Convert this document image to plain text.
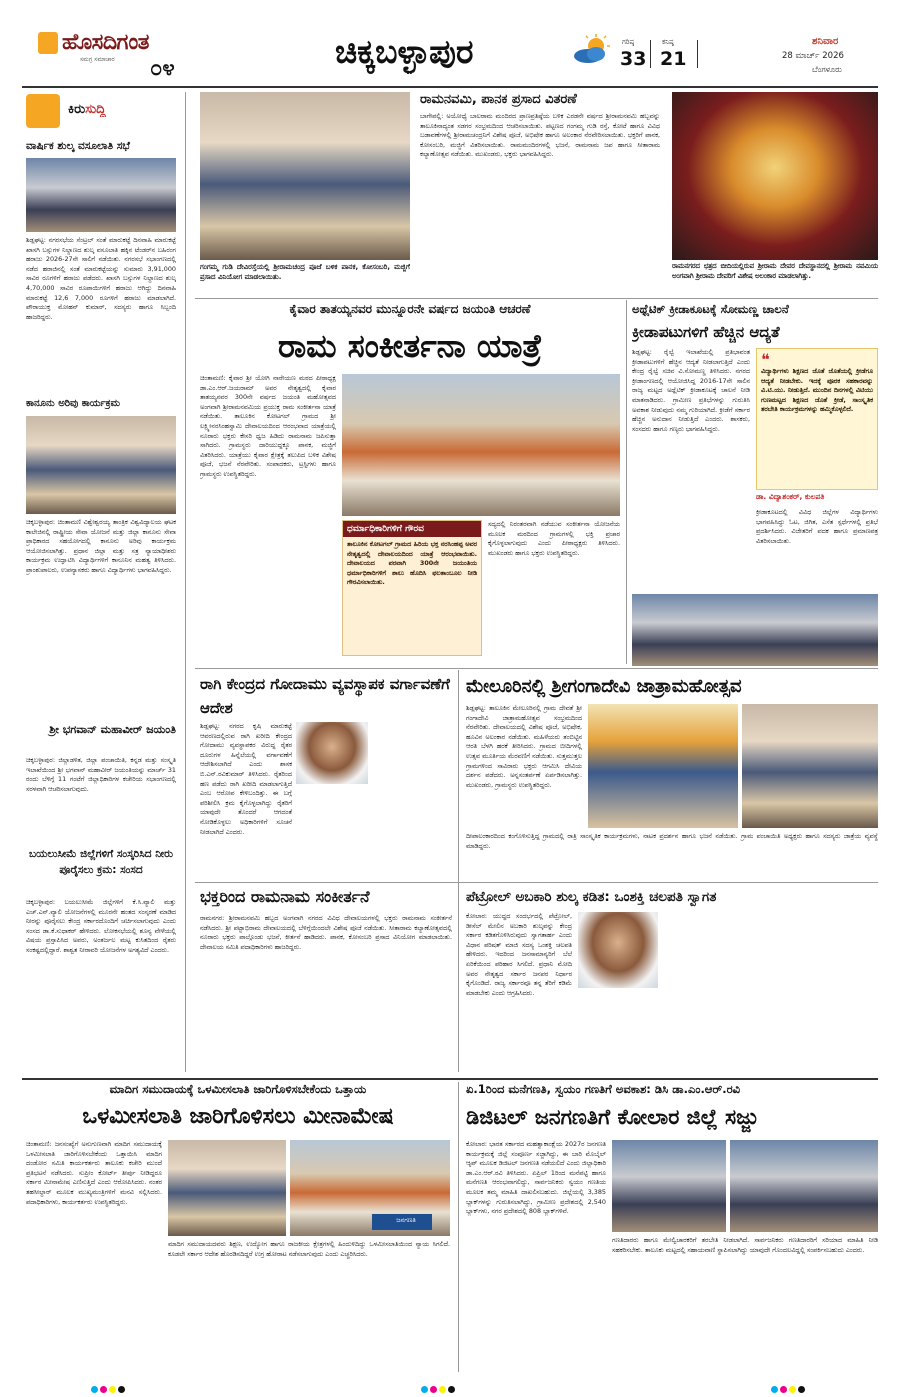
ಹೊಸದಿಗಂತ
ಸಮಗ್ರ ಸಮಾಚಾರ ೦೪	ಚಿಕ್ಕಬಳ್ಳಾಪುರ	ಗರಿಷ್ಠ
33
ಕನಿಷ್ಠ
21
ಶನಿವಾರ
28 ಮಾರ್ಚ್ 2026
ಬೆಂಗಳೂರು
ಕಿರುಸುದ್ದಿ
ವಾರ್ಷಿಕ ಶುಲ್ಕ ವಸೂಲಾತಿ ಸಭೆ
ಶಿಡ್ಲಘಟ್ಟ: ನಗರಸಭೆಯ ಸೆಂಟ್ರಲ್ ಸಂತೆ ಮಾರುಕಟ್ಟೆ ದಿನವಾಹಿ ಮಾರುಕಟ್ಟೆ ಖಾಸಗಿ ಬಸ್ಸುಗಳ ನಿಲ್ದಾಣದ ಶುಲ್ಕ ವಸೂಲಾತಿ ಹಕ್ಕಿನ ಟೆಂಡರ್‌ನ ಬಹಿರಂಗ ಹರಾಜು 2026-27ನೇ ಸಾಲಿಗೆ ನಡೆಯಿತು. ನಗರಸಭೆ ಸಭಾಂಗಣದಲ್ಲಿ ನಡೆದ ಹರಾಜಿನಲ್ಲಿ ಸಂತೆ ಮಾರುಕಟ್ಟೆಯನ್ನು ಸುಮಾರು 3,91,000 ಸಾವಿರ ರೂಗಳಿಗೆ ಹರಾಜು ಪಡೆದರು. ಖಾಸಗಿ ಬಸ್ಸುಗಳ ನಿಲ್ದಾಣದ ಶುಲ್ಕ 4,70,000 ಸಾವಿರ ರೂಪಾಯಿಗಳಿಗೆ ಹರಾಜು ಆಗಿದ್ದು ದಿನವಾಹಿ ಮಾರುಕಟ್ಟೆ 12,6 7,000 ರೂಗಳಿಗೆ ಹರಾಜು ಮಾಡಲಾಗಿದೆ. ಪೌರಾಯುಕ್ತ ಮೋಹನ್ ಕುಮಾರ್, ಸದಸ್ಯರು ಹಾಗೂ ಸಿಬ್ಬಂದಿ ಹಾಜರಿದ್ದರು.
ಕಾನೂನು ಅರಿವು ಕಾರ್ಯಕ್ರಮ
ಚಿಕ್ಕಬಳ್ಳಾಪುರ: ಚಿಂತಾಮಣಿ ವಿಶ್ವೇಶ್ವರಯ್ಯ ತಾಂತ್ರಿಕ ವಿಶ್ವವಿದ್ಯಾಲಯ ಘಟಕ ಕಾಲೇಜಿನಲ್ಲಿ ರಾಷ್ಟ್ರೀಯ ಸೇವಾ ಯೋಜನೆ ಮತ್ತು ಜಿಲ್ಲಾ ಕಾನೂನು ಸೇವಾ ಪ್ರಾಧಿಕಾರದ ಸಹಯೋಗದಲ್ಲಿ ಕಾನೂನು ಅರಿವು ಕಾರ್ಯಕ್ರಮ ಆಯೋಜಿಸಲಾಗಿತ್ತು. ಪ್ರಧಾನ ಜಿಲ್ಲಾ ಮತ್ತು ಸತ್ರ ನ್ಯಾಯಾಧೀಶರು ಕಾರ್ಯಕ್ರಮ ಉದ್ಘಾಟಿಸಿ ವಿದ್ಯಾರ್ಥಿಗಳಿಗೆ ಕಾನೂನಿನ ಮಹತ್ವ ತಿಳಿಸಿದರು. ಪ್ರಾಂಶುಪಾಲರು, ಉಪನ್ಯಾಸಕರು ಹಾಗೂ ವಿದ್ಯಾರ್ಥಿಗಳು ಭಾಗವಹಿಸಿದ್ದರು.
ಶ್ರೀ ಭಗವಾನ್ ಮಹಾವೀರ್ ಜಯಂತಿ
ಚಿಕ್ಕಬಳ್ಳಾಪುರ: ಜಿಲ್ಲಾಡಳಿತ, ಜಿಲ್ಲಾ ಪಂಚಾಯಿತಿ, ಕನ್ನಡ ಮತ್ತು ಸಂಸ್ಕೃತಿ ಇಲಾಖೆಯಿಂದ ಶ್ರೀ ಭಗವಾನ್ ಮಹಾವೀರ್ ಜಯಂತಿಯನ್ನು ಮಾರ್ಚ್ 31 ರಂದು ಬೆಳಿಗ್ಗೆ 11 ಗಂಟೆಗೆ ಜಿಲ್ಲಾಧಿಕಾರಿಗಳ ಕಚೇರಿಯ ಸಭಾಂಗಣದಲ್ಲಿ ಸರಳವಾಗಿ ಆಚರಿಸಲಾಗುವುದು.
ಬಯಲುಸೀಮೆ ಜಿಲ್ಲೆಗಳಿಗೆ ಸಂಸ್ಕರಿಸಿದ ನೀರು ಪೂರೈಸಲು ಕ್ರಮ: ಸಂಸದ
ಚಿಕ್ಕಬಳ್ಳಾಪುರ: ಬಯಲುಸೀಮೆ ಜಿಲ್ಲೆಗಳಿಗೆ ಕೆ.ಸಿ.ವ್ಯಾಲಿ ಮತ್ತು ಎಚ್.ಎನ್.ವ್ಯಾಲಿ ಯೋಜನೆಗಳಲ್ಲಿ ಮೂರನೇ ಹಂತದ ಸಂಸ್ಕರಣೆ ಮಾಡಿದ ನೀರನ್ನು ಪೂರೈಸಲು ಕೇಂದ್ರ ಸರ್ಕಾರದೊಂದಿಗೆ ಚರ್ಚಿಸಲಾಗುವುದು ಎಂದು ಸಂಸದ ಡಾ.ಕೆ.ಸುಧಾಕರ್ ಹೇಳಿದರು. ಲೋಕಸಭೆಯಲ್ಲಿ ಶೂನ್ಯ ವೇಳೆಯಲ್ಲಿ ವಿಷಯ ಪ್ರಸ್ತಾಪಿಸಿದ ಅವರು, ಅಂತರ್ಜಲ ಮಟ್ಟ ಕುಸಿತದಿಂದ ರೈತರು ಸಂಕಷ್ಟದಲ್ಲಿದ್ದಾರೆ. ಶಾಶ್ವತ ನೀರಾವರಿ ಯೋಜನೆಗಳ ಅಗತ್ಯವಿದೆ ಎಂದರು.
ಗಂಗಮ್ಮ ಗುಡಿ ದೇವಿರಸ್ತೆಯಲ್ಲಿ ಶ್ರೀರಾಮಚಂದ್ರ ಪೂಜೆ ಬಳಿಕ ಪಾನಕ, ಕೋಸಂಬರಿ, ಮಜ್ಜಿಗೆ ಪ್ರಸಾದ ವಿನಿಯೋಗ ಮಾಡಲಾಯಿತು.
ರಾಮನವಮಿ, ಪಾನಕ ಪ್ರಸಾದ ವಿತರಣೆ
ಬಾಗೇಪಲ್ಲಿ: ಅಯೋಧ್ಯೆ ಬಾಲರಾಮ ಮಂದಿರದ ಪ್ರಾಣಪ್ರತಿಷ್ಠೆಯ ಬಳಿಕ ಎರಡನೇ ವರ್ಷದ ಶ್ರೀರಾಮನವಮಿ ಹಬ್ಬವನ್ನು ತಾಲೂಕಿನಾದ್ಯಂತ ಸಡಗರ ಸಂಭ್ರಮದಿಂದ ಆಚರಿಸಲಾಯಿತು. ಪಟ್ಟಣದ ಗಂಗಮ್ಮ ಗುಡಿ ರಸ್ತೆ, ಕೋಟೆ ಹಾಗೂ ವಿವಿಧ ಬಡಾವಣೆಗಳಲ್ಲಿ ಶ್ರೀರಾಮಚಂದ್ರನಿಗೆ ವಿಶೇಷ ಪೂಜೆ, ಅಭಿಷೇಕ ಹಾಗೂ ಅಲಂಕಾರ ನೆರವೇರಿಸಲಾಯಿತು. ಭಕ್ತರಿಗೆ ಪಾನಕ, ಕೋಸಂಬರಿ, ಮಜ್ಜಿಗೆ ವಿತರಿಸಲಾಯಿತು. ರಾಮಮಂದಿರಗಳಲ್ಲಿ ಭಜನೆ, ರಾಮನಾಮ ಜಪ ಹಾಗೂ ಸೀತಾರಾಮ ಕಲ್ಯಾಣೋತ್ಸವ ನಡೆಯಿತು. ಮುಖಂಡರು, ಭಕ್ತರು ಭಾಗವಹಿಸಿದ್ದರು.
ರಾಮನಗರದ ಛತ್ರದ ಬೀದಿಯಲ್ಲಿರುವ ಶ್ರೀರಾಮ ದೇವರ ದೇವಸ್ಥಾನದಲ್ಲಿ ಶ್ರೀರಾಮ ನವಮಿಯ ಅಂಗವಾಗಿ ಶ್ರೀರಾಮ ದೇವರಿಗೆ ವಿಶೇಷ ಅಲಂಕಾರ ಮಾಡಲಾಗಿತ್ತು.
ಕೈವಾರ ತಾತಯ್ಯನವರ ಮುನ್ನೂರನೇ ವರ್ಷದ ಜಯಂತಿ ಆಚರಣೆ
ರಾಮ ಸಂಕೀರ್ತನಾ ಯಾತ್ರೆ
ಚಿಂತಾಮಣಿ: ಕೈವಾರ ಶ್ರೀ ಯೋಗಿ ನಾರೇಯಣ ಮಠದ ಪೀಠಾಧ್ಯಕ್ಷ ಡಾ.ಎಂ.ಆರ್.ಜಯರಾಮ್ ಅವರ ನೇತೃತ್ವದಲ್ಲಿ ಕೈವಾರ ತಾತಯ್ಯನವರ 300ನೇ ವರ್ಷದ ಜಯಂತಿ ಮಹೋತ್ಸವದ ಅಂಗವಾಗಿ ಶ್ರೀರಾಮನವಮಿಯ ಪ್ರಯುಕ್ತ ರಾಮ ಸಂಕೀರ್ತನಾ ಯಾತ್ರೆ ನಡೆಯಿತು. ತಾಲೂಕಿನ ಕೋಟಗಲ್ ಗ್ರಾಮದ ಶ್ರೀ ಲಕ್ಷ್ಮೀನರಸಿಂಹಸ್ವಾಮಿ ದೇವಾಲಯದಿಂದ ಆರಂಭವಾದ ಯಾತ್ರೆಯಲ್ಲಿ ನೂರಾರು ಭಕ್ತರು ಕೇಸರಿ ಧ್ವಜ ಹಿಡಿದು ರಾಮನಾಮ ಜಪಿಸುತ್ತಾ ಸಾಗಿದರು. ಗ್ರಾಮಸ್ಥರು ದಾರಿಯುದ್ದಕ್ಕೂ ಪಾನಕ, ಮಜ್ಜಿಗೆ ವಿತರಿಸಿದರು. ಯಾತ್ರೆಯು ಕೈವಾರ ಕ್ಷೇತ್ರಕ್ಕೆ ತಲುಪಿದ ಬಳಿಕ ವಿಶೇಷ ಪೂಜೆ, ಭಜನೆ ನೆರವೇರಿತು. ಸಂಪಾದಕರು, ಟ್ರಸ್ಟಿಗಳು ಹಾಗೂ ಗ್ರಾಮಸ್ಥರು ಉಪಸ್ಥಿತರಿದ್ದರು.
ಧರ್ಮಾಧಿಕಾರಿಗಳಿಗೆ ಗೌರವ
ತಾಲೂಕಿನ ಕೋಟಗಲ್ ಗ್ರಾಮದ ಹಿರಿಯ ಭಕ್ತ ನರಸಿಂಹಪ್ಪ ಅವರ ನೇತೃತ್ವದಲ್ಲಿ ದೇವಾಲಯದಿಂದ ಯಾತ್ರೆ ಆರಂಭವಾಯಿತು. ದೇವಾಲಯದ ಪರವಾಗಿ 300ನೇ ಜಯಂತಿಯ ಧರ್ಮಾಧಿಕಾರಿಗಳಿಗೆ ಶಾಲು ಹೊದಿಸಿ ಫಲತಾಂಬೂಲ ನೀಡಿ ಗೌರವಿಸಲಾಯಿತು.
ಸದ್ಯದಲ್ಲಿ ನಿರಂತರವಾಗಿ ನಡೆಯುವ ಸಂಕೀರ್ತನಾ ಯೋಜನೆಯ ಮೂಲಕ ಮಠದಿಂದ ಗ್ರಾಮಗಳಲ್ಲಿ ಭಕ್ತಿ ಪ್ರಚಾರ ಕೈಗೊಳ್ಳಲಾಗುವುದು ಎಂದು ಪೀಠಾಧ್ಯಕ್ಷರು ತಿಳಿಸಿದರು. ಮುಖಂಡರು ಹಾಗೂ ಭಕ್ತರು ಉಪಸ್ಥಿತರಿದ್ದರು.
ಅಥ್ಲೆಟಿಕ್ ಕ್ರೀಡಾಕೂಟಕ್ಕೆ ಸೋಮಣ್ಣ ಚಾಲನೆ
ಕ್ರೀಡಾಪಟುಗಳಿಗೆ ಹೆಚ್ಚಿನ ಆದ್ಯತೆ
ಶಿಡ್ಲಘಟ್ಟ: ರೈಲ್ವೆ ಇಲಾಖೆಯಲ್ಲಿ ಪ್ರತಿಭಾವಂತ ಕ್ರೀಡಾಪಟುಗಳಿಗೆ ಹೆಚ್ಚಿನ ಆದ್ಯತೆ ನೀಡಲಾಗುತ್ತಿದೆ ಎಂದು ಕೇಂದ್ರ ರೈಲ್ವೆ ಸಚಿವ ವಿ.ಸೋಮಣ್ಣ ತಿಳಿಸಿದರು. ನಗರದ ಕ್ರೀಡಾಂಗಣದಲ್ಲಿ ಆಯೋಜಿಸಿದ್ದ 2016-17ನೇ ಸಾಲಿನ ರಾಜ್ಯ ಮಟ್ಟದ ಅಥ್ಲೆಟಿಕ್ ಕ್ರೀಡಾಕೂಟಕ್ಕೆ ಚಾಲನೆ ನೀಡಿ ಮಾತನಾಡಿದರು. ಗ್ರಾಮೀಣ ಪ್ರತಿಭೆಗಳನ್ನು ಗುರುತಿಸಿ ಅವಕಾಶ ನೀಡುವುದು ನಮ್ಮ ಗುರಿಯಾಗಿದೆ. ಕ್ರೀಡೆಗೆ ಸರ್ಕಾರ ಹೆಚ್ಚಿನ ಅನುದಾನ ನೀಡುತ್ತಿದೆ ಎಂದರು. ಶಾಸಕರು, ಸಂಸದರು ಹಾಗೂ ಗಣ್ಯರು ಭಾಗವಹಿಸಿದ್ದರು.
❝
ವಿದ್ಯಾರ್ಥಿಗಳು ಶಿಕ್ಷಣದ ಜೊತೆ ಜೊತೆಯಲ್ಲಿ ಕ್ರೀಡೆಗೂ ಆದ್ಯತೆ ನೀಡಬೇಕು. ಇದಕ್ಕೆ ಪೂರಕ ಸಹಕಾರವನ್ನು ವಿ.ಟಿ.ಯು. ನೀಡುತ್ತಿದೆ. ಮುಂದಿನ ದಿನಗಳಲ್ಲಿ ವಿಟಿಯು ಗುಣಮಟ್ಟದ ಶಿಕ್ಷಣದ ಜೊತೆ ಕ್ರೀಡೆ, ಸಾಂಸ್ಕೃತಿಕ ತರಬೇತಿ ಕಾರ್ಯಕ್ರಮಗಳನ್ನು ಹಮ್ಮಿಕೊಳ್ಳಲಿದೆ.
ಡಾ. ವಿದ್ಯಾಶಂಕರ್, ಕುಲಪತಿ
ಕ್ರೀಡಾಕೂಟದಲ್ಲಿ ವಿವಿಧ ಜಿಲ್ಲೆಗಳ ವಿದ್ಯಾರ್ಥಿಗಳು ಭಾಗವಹಿಸಿದ್ದು ಓಟ, ಜಿಗಿತ, ಎಸೆತ ಸ್ಪರ್ಧೆಗಳಲ್ಲಿ ಪ್ರತಿಭೆ ಪ್ರದರ್ಶಿಸಿದರು. ವಿಜೇತರಿಗೆ ಪದಕ ಹಾಗೂ ಪ್ರಮಾಣಪತ್ರ ವಿತರಿಸಲಾಯಿತು.
ರಾಗಿ ಕೇಂದ್ರದ ಗೋದಾಮು ವ್ಯವಸ್ಥಾಪಕ ವರ್ಗಾವಣೆಗೆ ಆದೇಶ
ಶಿಡ್ಲಘಟ್ಟ: ನಗರದ ಕೃಷಿ ಮಾರುಕಟ್ಟೆ ಆವರಣದಲ್ಲಿರುವ ರಾಗಿ ಖರೀದಿ ಕೇಂದ್ರದ ಗೋದಾಮು ವ್ಯವಸ್ಥಾಪಕರ ವಿರುದ್ಧ ರೈತರ ದೂರುಗಳ ಹಿನ್ನೆಲೆಯಲ್ಲಿ ವರ್ಗಾವಣೆಗೆ ಆದೇಶಿಸಲಾಗಿದೆ ಎಂದು ಶಾಸಕ ಬಿ.ಎನ್.ರವಿಕುಮಾರ್ ತಿಳಿಸಿದರು. ರೈತರಿಂದ ಹಣ ಪಡೆದು ರಾಗಿ ಖರೀದಿ ಮಾಡಲಾಗುತ್ತಿದೆ ಎಂಬ ಆರೋಪ ಕೇಳಿಬಂದಿತ್ತು. ಈ ಬಗ್ಗೆ ಪರಿಶೀಲಿಸಿ ಕ್ರಮ ಕೈಗೊಳ್ಳಲಾಗಿದ್ದು ರೈತರಿಗೆ ಯಾವುದೇ ತೊಂದರೆ ಆಗದಂತೆ ನೋಡಿಕೊಳ್ಳಲು ಅಧಿಕಾರಿಗಳಿಗೆ ಸೂಚನೆ ನೀಡಲಾಗಿದೆ ಎಂದರು.
ಮೇಲೂರಿನಲ್ಲಿ ಶ್ರೀಗಂಗಾದೇವಿ ಜಾತ್ರಾಮಹೋತ್ಸವ
ಶಿಡ್ಲಘಟ್ಟ: ತಾಲೂಕಿನ ಮೇಲೂರಿನಲ್ಲಿ ಗ್ರಾಮ ದೇವತೆ ಶ್ರೀ ಗಂಗಾದೇವಿ ಜಾತ್ರಾಮಹೋತ್ಸವ ಸಂಭ್ರಮದಿಂದ ನೆರವೇರಿತು. ದೇವಾಲಯದಲ್ಲಿ ವಿಶೇಷ ಪೂಜೆ, ಅಭಿಷೇಕ, ಹೂವಿನ ಅಲಂಕಾರ ನಡೆಯಿತು. ಮಹಿಳೆಯರು ತಂಬಿಟ್ಟಿನ ಆರತಿ ಬೆಳಗಿ ಹರಕೆ ತೀರಿಸಿದರು. ಗ್ರಾಮದ ಬೀದಿಗಳಲ್ಲಿ ಉತ್ಸವ ಮೂರ್ತಿಯ ಮೆರವಣಿಗೆ ನಡೆಯಿತು. ಸುತ್ತಮುತ್ತಲ ಗ್ರಾಮಗಳಿಂದ ಸಾವಿರಾರು ಭಕ್ತರು ಆಗಮಿಸಿ ದೇವಿಯ ದರ್ಶನ ಪಡೆದರು. ಅನ್ನಸಂತರ್ಪಣೆ ಏರ್ಪಡಿಸಲಾಗಿತ್ತು. ಮುಖಂಡರು, ಗ್ರಾಮಸ್ಥರು ಉಪಸ್ಥಿತರಿದ್ದರು.
ದೀಪಾಲಂಕಾರದಿಂದ ಕಂಗೊಳಿಸುತ್ತಿದ್ದ ಗ್ರಾಮದಲ್ಲಿ ರಾತ್ರಿ ಸಾಂಸ್ಕೃತಿಕ ಕಾರ್ಯಕ್ರಮಗಳು, ನಾಟಕ ಪ್ರದರ್ಶನ ಹಾಗೂ ಭಜನೆ ನಡೆಯಿತು. ಗ್ರಾಮ ಪಂಚಾಯಿತಿ ಅಧ್ಯಕ್ಷರು ಹಾಗೂ ಸದಸ್ಯರು ಜಾತ್ರೆಯ ವ್ಯವಸ್ಥೆ ಮಾಡಿದ್ದರು.
ಭಕ್ತರಿಂದ ರಾಮನಾಮ ಸಂಕೀರ್ತನೆ
ರಾಮನಗರ: ಶ್ರೀರಾಮನವಮಿ ಹಬ್ಬದ ಅಂಗವಾಗಿ ನಗರದ ವಿವಿಧ ದೇವಾಲಯಗಳಲ್ಲಿ ಭಕ್ತರು ರಾಮನಾಮ ಸಂಕೀರ್ತನೆ ನಡೆಸಿದರು. ಶ್ರೀ ಪಟ್ಟಾಭಿರಾಮ ದೇವಾಲಯದಲ್ಲಿ ಬೆಳಿಗ್ಗೆಯಿಂದಲೇ ವಿಶೇಷ ಪೂಜೆ ನಡೆಯಿತು. ಸೀತಾರಾಮ ಕಲ್ಯಾಣೋತ್ಸವದಲ್ಲಿ ನೂರಾರು ಭಕ್ತರು ಪಾಲ್ಗೊಂಡು ಭಜನೆ, ಕೀರ್ತನೆ ಹಾಡಿದರು. ಪಾನಕ, ಕೋಸಂಬರಿ ಪ್ರಸಾದ ವಿನಿಯೋಗ ಮಾಡಲಾಯಿತು. ದೇವಾಲಯ ಸಮಿತಿ ಪದಾಧಿಕಾರಿಗಳು ಹಾಜರಿದ್ದರು.
ಪೆಟ್ರೋಲ್ ಅಬಕಾರಿ ಶುಲ್ಕ ಕಡಿತ: ಒಂಶಕ್ತಿ ಚಲಪತಿ ಸ್ವಾಗತ
ಕೋಲಾರ: ಯುದ್ಧದ ಸಂದರ್ಭದಲ್ಲಿ ಪೆಟ್ರೋಲ್, ಡೀಸೆಲ್ ಮೇಲಿನ ಅಬಕಾರಿ ಶುಲ್ಕವನ್ನು ಕೇಂದ್ರ ಸರ್ಕಾರ ಕಡಿತಗೊಳಿಸಿರುವುದು ಸ್ವಾಗತಾರ್ಹ ಎಂದು ವಿಧಾನ ಪರಿಷತ್ ಮಾಜಿ ಸದಸ್ಯ ಒಂಶಕ್ತಿ ಚಲಪತಿ ಹೇಳಿದರು. ಇದರಿಂದ ಜನಸಾಮಾನ್ಯರಿಗೆ ಬೆಲೆ ಏರಿಕೆಯಿಂದ ಪರಿಹಾರ ಸಿಗಲಿದೆ. ಪ್ರಧಾನಿ ಮೋದಿ ಅವರ ನೇತೃತ್ವದ ಸರ್ಕಾರ ಜನಪರ ನಿರ್ಧಾರ ಕೈಗೊಂಡಿದೆ. ರಾಜ್ಯ ಸರ್ಕಾರವೂ ತನ್ನ ತೆರಿಗೆ ಕಡಿಮೆ ಮಾಡಬೇಕು ಎಂದು ಆಗ್ರಹಿಸಿದರು.
ಮಾದಿಗ ಸಮುದಾಯಕ್ಕೆ ಒಳಮೀಸಲಾತಿ ಜಾರಿಗೊಳಿಸಬೇಕೆಂದು ಒತ್ತಾಯ
ಒಳಮೀಸಲಾತಿ ಜಾರಿಗೊಳಿಸಲು ಮೀನಾಮೇಷ
ಚಿಂತಾಮಣಿ: ಜನಸಂಖ್ಯೆಗೆ ಅನುಗುಣವಾಗಿ ಮಾದಿಗ ಸಮುದಾಯಕ್ಕೆ ಒಳಮೀಸಲಾತಿ ಜಾರಿಗೊಳಿಸಬೇಕೆಂದು ಒತ್ತಾಯಿಸಿ ಮಾದಿಗ ದಂಡೋರ ಸಮಿತಿ ಕಾರ್ಯಕರ್ತರು ತಾಲೂಕು ಕಚೇರಿ ಮುಂದೆ ಪ್ರತಿಭಟನೆ ನಡೆಸಿದರು. ಸುಪ್ರೀಂ ಕೋರ್ಟ್ ತೀರ್ಪು ನೀಡಿದ್ದರೂ ಸರ್ಕಾರ ಮೀನಾಮೇಷ ಎಣಿಸುತ್ತಿದೆ ಎಂದು ಆರೋಪಿಸಿದರು. ನಂತರ ತಹಸೀಲ್ದಾರ್ ಮೂಲಕ ಮುಖ್ಯಮಂತ್ರಿಗಳಿಗೆ ಮನವಿ ಸಲ್ಲಿಸಿದರು. ಪದಾಧಿಕಾರಿಗಳು, ಕಾರ್ಯಕರ್ತರು ಉಪಸ್ಥಿತರಿದ್ದರು.
ಮಾದಿಗ ಸಮುದಾಯದವರು ಶಿಕ್ಷಣ, ಉದ್ಯೋಗ ಹಾಗೂ ರಾಜಕೀಯ ಕ್ಷೇತ್ರಗಳಲ್ಲಿ ಹಿಂದುಳಿದಿದ್ದು ಒಳಮೀಸಲಾತಿಯಿಂದ ನ್ಯಾಯ ಸಿಗಲಿದೆ. ಕೂಡಲೇ ಸರ್ಕಾರ ಆದೇಶ ಹೊರಡಿಸದಿದ್ದರೆ ಉಗ್ರ ಹೋರಾಟ ನಡೆಸಲಾಗುವುದು ಎಂದು ಎಚ್ಚರಿಸಿದರು.
ಏ.1ರಿಂದ ಮನೆಗಣತಿ, ಸ್ವಯಂ ಗಣತಿಗೆ ಅವಕಾಶ: ಡಿಸಿ ಡಾ.ಎಂ.ಆರ್.ರವಿ
ಡಿಜಿಟಲ್ ಜನಗಣತಿಗೆ ಕೋಲಾರ ಜಿಲ್ಲೆ ಸಜ್ಜು
ಕೋಲಾರ: ಭಾರತ ಸರ್ಕಾರದ ಮಹತ್ವಾಕಾಂಕ್ಷೆಯ 2027ರ ಜನಗಣತಿ ಕಾರ್ಯಕ್ರಮಕ್ಕೆ ಜಿಲ್ಲೆ ಸಂಪೂರ್ಣ ಸಜ್ಜಾಗಿದ್ದು, ಈ ಬಾರಿ ಮೊಬೈಲ್ ಆ್ಯಪ್ ಮೂಲಕ ಡಿಜಿಟಲ್ ಜನಗಣತಿ ನಡೆಯಲಿದೆ ಎಂದು ಜಿಲ್ಲಾಧಿಕಾರಿ ಡಾ.ಎಂ.ಆರ್.ರವಿ ತಿಳಿಸಿದರು. ಏಪ್ರಿಲ್ 1ರಿಂದ ಮನೆಪಟ್ಟಿ ಹಾಗೂ ಮನೆಗಣತಿ ಆರಂಭವಾಗಲಿದ್ದು, ಸಾರ್ವಜನಿಕರು ಸ್ವಯಂ ಗಣತಿಯ ಮೂಲಕ ತಮ್ಮ ಮಾಹಿತಿ ದಾಖಲಿಸಬಹುದು. ಜಿಲ್ಲೆಯಲ್ಲಿ 3,385 ಬ್ಲಾಕ್‌ಗಳನ್ನು ಗುರುತಿಸಲಾಗಿದ್ದು, ಗ್ರಾಮೀಣ ಪ್ರದೇಶದಲ್ಲಿ 2,540 ಬ್ಲಾಕ್‌ಗಳು, ನಗರ ಪ್ರದೇಶದಲ್ಲಿ 808 ಬ್ಲಾಕ್‌ಗಳಿವೆ.
ಜನಗಣತಿ
ಗಣತಿದಾರರು ಹಾಗೂ ಮೇಲ್ವಿಚಾರಕರಿಗೆ ತರಬೇತಿ ನೀಡಲಾಗಿದೆ. ಸಾರ್ವಜನಿಕರು ಗಣತಿದಾರರಿಗೆ ಸರಿಯಾದ ಮಾಹಿತಿ ನೀಡಿ ಸಹಕರಿಸಬೇಕು. ತಾಲೂಕು ಮಟ್ಟದಲ್ಲಿ ಸಹಾಯವಾಣಿ ಸ್ಥಾಪಿಸಲಾಗಿದ್ದು ಯಾವುದೇ ಗೊಂದಲವಿದ್ದಲ್ಲಿ ಸಂಪರ್ಕಿಸಬಹುದು ಎಂದರು.
